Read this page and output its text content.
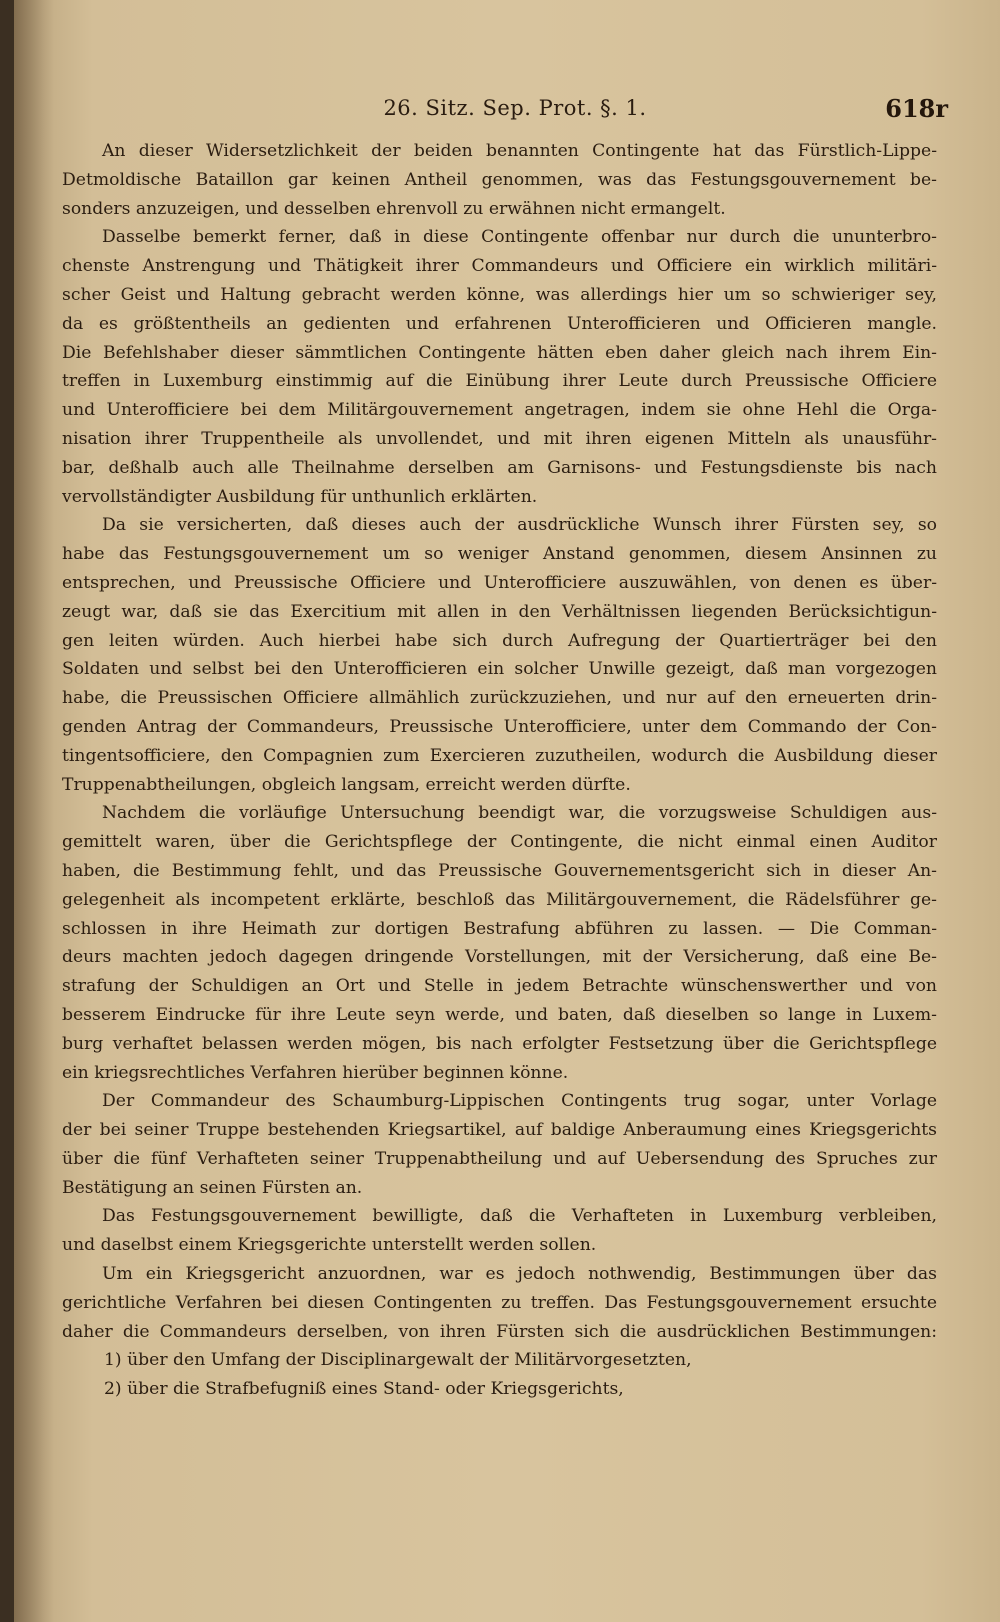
26. Sitz. Sep. Prot. §. 1.	618r
An dieser Widersetzlichkeit der beiden benannten Contingente hat das Fürstlich-Lippe-
Detmoldische Bataillon gar keinen Antheil genommen, was das Festungsgouvernement be-
sonders anzuzeigen, und desselben ehrenvoll zu erwähnen nicht ermangelt.
Dasselbe bemerkt ferner, daß in diese Contingente offenbar nur durch die ununterbro-
chenste Anstrengung und Thätigkeit ihrer Commandeurs und Officiere ein wirklich militäri-
scher Geist und Haltung gebracht werden könne, was allerdings hier um so schwieriger sey,
da es größtentheils an gedienten und erfahrenen Unterofficieren und Officieren mangle.
Die Befehlshaber dieser sämmtlichen Contingente hätten eben daher gleich nach ihrem Ein-
treffen in Luxemburg einstimmig auf die Einübung ihrer Leute durch Preussische Officiere
und Unterofficiere bei dem Militärgouvernement angetragen, indem sie ohne Hehl die Orga-
nisation ihrer Truppentheile als unvollendet, und mit ihren eigenen Mitteln als unausführ-
bar, deßhalb auch alle Theilnahme derselben am Garnisons- und Festungsdienste bis nach
vervollständigter Ausbildung für unthunlich erklärten.
Da sie versicherten, daß dieses auch der ausdrückliche Wunsch ihrer Fürsten sey, so
habe das Festungsgouvernement um so weniger Anstand genommen, diesem Ansinnen zu
entsprechen, und Preussische Officiere und Unterofficiere auszuwählen, von denen es über-
zeugt war, daß sie das Exercitium mit allen in den Verhältnissen liegenden Berücksichtigun-
gen leiten würden. Auch hierbei habe sich durch Aufregung der Quartierträger bei den
Soldaten und selbst bei den Unterofficieren ein solcher Unwille gezeigt, daß man vorgezogen
habe, die Preussischen Officiere allmählich zurückzuziehen, und nur auf den erneuerten drin-
genden Antrag der Commandeurs, Preussische Unterofficiere, unter dem Commando der Con-
tingentsofficiere, den Compagnien zum Exercieren zuzutheilen, wodurch die Ausbildung dieser
Truppenabtheilungen, obgleich langsam, erreicht werden dürfte.
Nachdem die vorläufige Untersuchung beendigt war, die vorzugsweise Schuldigen aus-
gemittelt waren, über die Gerichtspflege der Contingente, die nicht einmal einen Auditor
haben, die Bestimmung fehlt, und das Preussische Gouvernementsgericht sich in dieser An-
gelegenheit als incompetent erklärte, beschloß das Militärgouvernement, die Rädelsführer ge-
schlossen in ihre Heimath zur dortigen Bestrafung abführen zu lassen. — Die Comman-
deurs machten jedoch dagegen dringende Vorstellungen, mit der Versicherung, daß eine Be-
strafung der Schuldigen an Ort und Stelle in jedem Betrachte wünschenswerther und von
besserem Eindrucke für ihre Leute seyn werde, und baten, daß dieselben so lange in Luxem-
burg verhaftet belassen werden mögen, bis nach erfolgter Festsetzung über die Gerichtspflege
ein kriegsrechtliches Verfahren hierüber beginnen könne.
Der Commandeur des Schaumburg-Lippischen Contingents trug sogar, unter Vorlage
der bei seiner Truppe bestehenden Kriegsartikel, auf baldige Anberaumung eines Kriegsgerichts
über die fünf Verhafteten seiner Truppenabtheilung und auf Uebersendung des Spruches zur
Bestätigung an seinen Fürsten an.
Das Festungsgouvernement bewilligte, daß die Verhafteten in Luxemburg verbleiben,
und daselbst einem Kriegsgerichte unterstellt werden sollen.
Um ein Kriegsgericht anzuordnen, war es jedoch nothwendig, Bestimmungen über das
gerichtliche Verfahren bei diesen Contingenten zu treffen. Das Festungsgouvernement ersuchte
daher die Commandeurs derselben, von ihren Fürsten sich die ausdrücklichen Bestimmungen:
1) über den Umfang der Disciplinargewalt der Militärvorgesetzten,
2) über die Strafbefugniß eines Stand- oder Kriegsgerichts,
